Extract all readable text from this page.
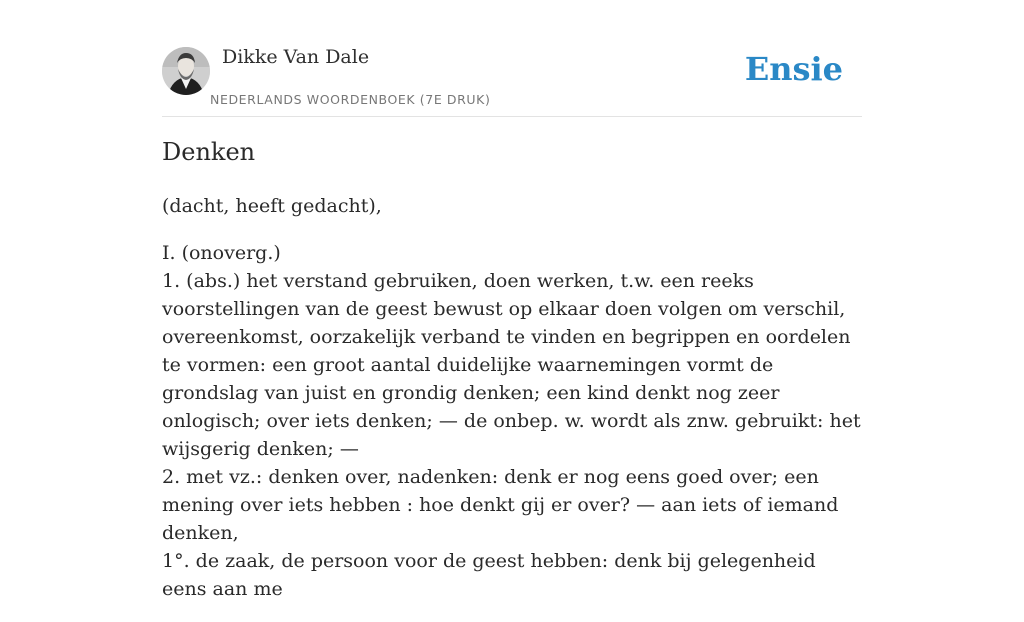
Dikke Van Dale
NEDERLANDS WOORDENBOEK (7E DRUK)
Ensie
Denken

(dacht, heeft gedacht),

I. (onoverg.)
1. (abs.) het verstand gebruiken, doen werken, t.w. een reeks voorstellingen van de geest bewust op elkaar doen volgen om verschil, overeenkomst, oorzakelijk verband te vinden en begrippen en oordelen te vormen: een groot aantal duidelijke waarnemingen vormt de grondslag van juist en grondig denken; een kind denkt nog zeer onlogisch; over iets denken; — de onbep. w. wordt als znw. gebruikt: het wijsgerig denken; —
2. met vz.: denken over, nadenken: denk er nog eens goed over; een mening over iets hebben : hoe denkt gij er over? — aan iets of iemand denken,
1°. de zaak, de persoon voor de geest hebben: denk bij gelegenheid eens aan me
